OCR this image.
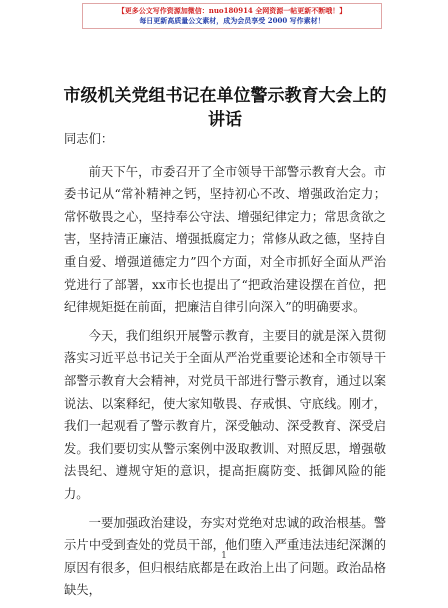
【更多公文写作资源加微信：nuo180914 全网资源一帖更新不断哦！】
每日更新高质量公文素材，成为会员享受 2000 写作素材！
市级机关党组书记在单位警示教育大会上的讲话

同志们：

前天下午，市委召开了全市领导干部警示教育大会。市委书记从“常补精神之钙，坚持初心不改、增强政治定力；常怀敬畏之心，坚持奉公守法、增强纪律定力；常思贪欲之害，坚持清正廉洁、增强抵腐定力；常修从政之德，坚持自重自爱、增强道德定力”四个方面，对全市抓好全面从严治党进行了部署，xx市长也提出了“把政治建设摆在首位，把纪律规矩挺在前面，把廉洁自律引向深入”的明确要求。

今天，我们组织开展警示教育，主要目的就是深入贯彻落实习近平总书记关于全面从严治党重要论述和全市领导干部警示教育大会精神，对党员干部进行警示教育，通过以案说法、以案释纪，使大家知敬畏、存戒惧、守底线。刚才，我们一起观看了警示教育片，深受触动、深受教育、深受启发。我们要切实从警示案例中汲取教训、对照反思，增强敬法畏纪、遵规守矩的意识，提高拒腐防变、抵御风险的能力。

一要加强政治建设，夯实对党绝对忠诚的政治根基。警示片中受到查处的党员干部，他们堕入严重违法违纪深渊的原因有很多，但归根结底都是在政治上出了问题。政治品格缺失，

1
